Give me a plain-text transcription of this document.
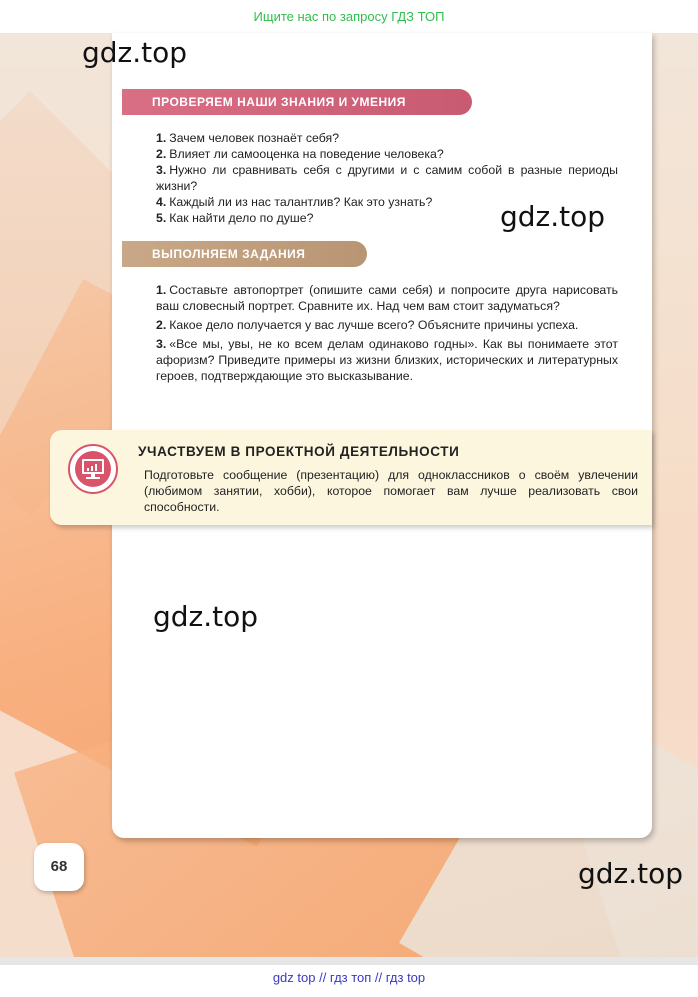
Ищите нас по запросу ГДЗ ТОП
ПРОВЕРЯЕМ НАШИ ЗНАНИЯ И УМЕНИЯ
1. Зачем человек познаёт себя?
2. Влияет ли самооценка на поведение человека?
3. Нужно ли сравнивать себя с другими и с самим собой в разные периоды жизни?
4. Каждый ли из нас талантлив? Как это узнать?
5. Как найти дело по душе?
ВЫПОЛНЯЕМ ЗАДАНИЯ
1. Составьте автопортрет (опишите сами себя) и попросите друга нарисовать ваш словесный портрет. Сравните их. Над чем вам стоит задуматься?
2. Какое дело получается у вас лучше всего? Объясните причины успеха.
3. «Все мы, увы, не ко всем делам одинаково годны». Как вы понимаете этот афоризм? Приведите примеры из жизни близких, исторических и литературных героев, подтверждающие это высказывание.
УЧАСТВУЕМ В ПРОЕКТНОЙ ДЕЯТЕЛЬНОСТИ
Подготовьте сообщение (презентацию) для одноклассников о своём увлечении (любимом занятии, хобби), которое помогает вам лучше реализовать свои способности.
gdz.top
gdz.top
gdz.top
gdz.top
68
gdz top // гдз топ // гдз top
